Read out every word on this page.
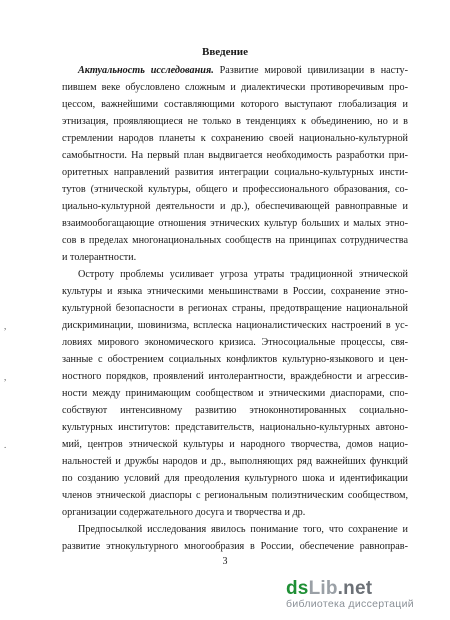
Введение
Актуальность исследования. Развитие мировой цивилизации в насту-
пившем веке обусловлено сложным и диалектически противоречивым про-
цессом, важнейшими составляющими которого выступают глобализация и
этнизация, проявляющиеся не только в тенденциях к объединению, но и в
стремлении народов планеты к сохранению своей национально-культурной
самобытности. На первый план выдвигается необходимость разработки при-
оритетных направлений развития интеграции социально-культурных инсти-
тутов (этнической культуры, общего и профессионального образования, со-
циально-культурной деятельности и др.), обеспечивающей равноправные и
взаимообогащающие отношения этнических культур больших и малых этно-
сов в пределах многонациональных сообществ на принципах сотрудничества
и толерантности.
Остроту проблемы усиливает угроза утраты традиционной этнической
культуры и языка этническими меньшинствами в России, сохранение этно-
культурной безопасности в регионах страны, предотвращение национальной
дискриминации, шовинизма, всплеска националистических настроений в ус-
ловиях мирового экономического кризиса. Этносоциальные процессы, свя-
занные с обострением социальных конфликтов культурно-языкового и цен-
ностного порядков, проявлений интолерантности, враждебности и агрессив-
ности между принимающим сообществом и этническими диаспорами, спо-
собствуют интенсивному развитию этноконнотированных социально-
культурных институтов: представительств, национально-культурных автоно-
мий, центров этнической культуры и народного творчества, домов нацио-
нальностей и дружбы народов и др., выполняющих ряд важнейших функций
по созданию условий для преодоления культурного шока и идентификации
членов этнической диаспоры с региональным полиэтническим сообществом,
организации содержательного досуга и творчества и др.
Предпосылкой исследования явилось понимание того, что сохранение и
развитие этнокультурного многообразия в России, обеспечение равноправ-
3
,
,
.
dsLib.net
библиотека диссертаций
